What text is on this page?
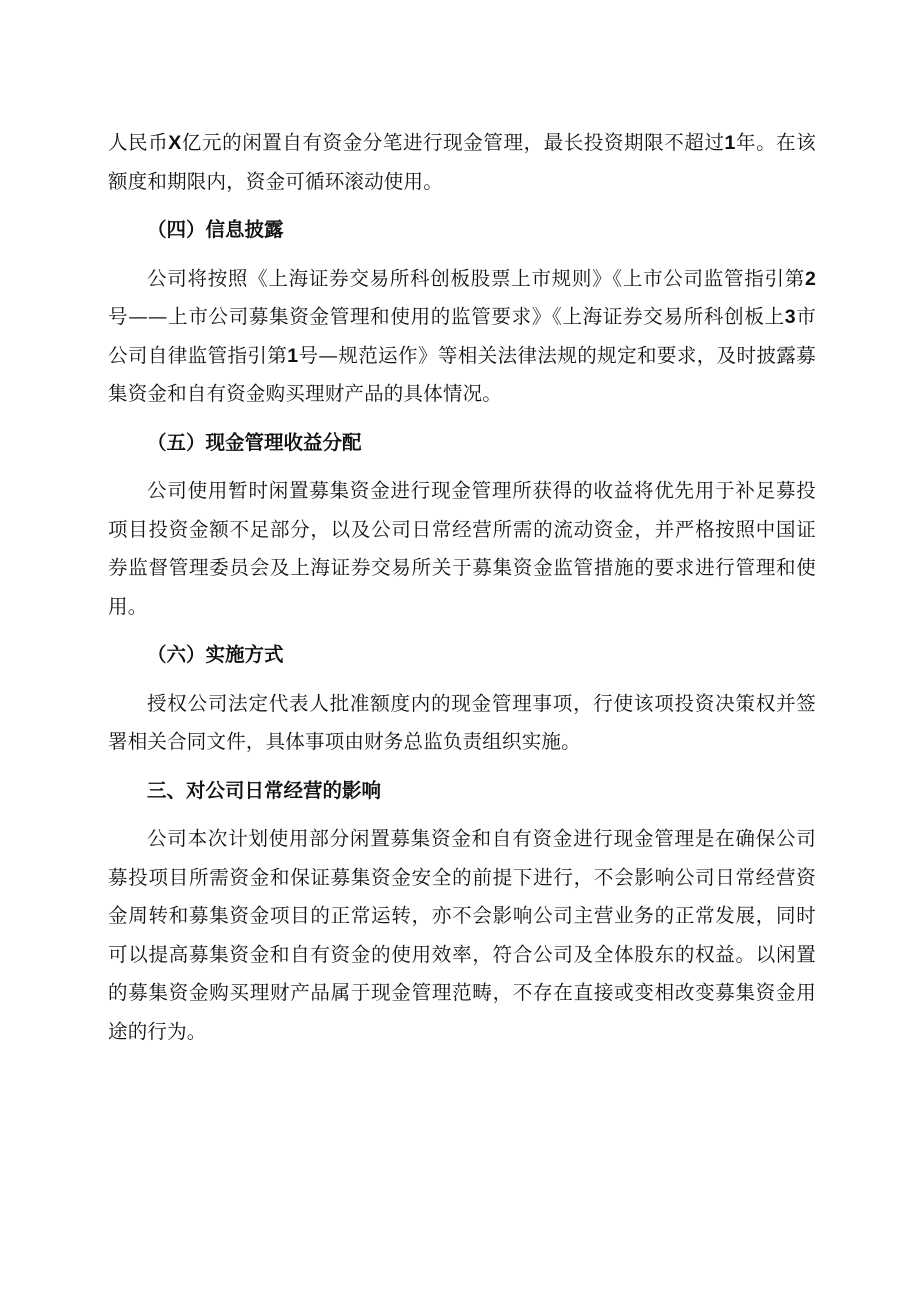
人民币X亿元的闲置自有资金分笔进行现金管理，最长投资期限不超过1年。在该额度和期限内，资金可循环滚动使用。

（四）信息披露

公司将按照《上海证券交易所科创板股票上市规则》《上市公司监管指引第2号——上市公司募集资金管理和使用的监管要求》《上海证券交易所科创板上3市公司自律监管指引第1号—规范运作》等相关法律法规的规定和要求，及时披露募集资金和自有资金购买理财产品的具体情况。

（五）现金管理收益分配

公司使用暂时闲置募集资金进行现金管理所获得的收益将优先用于补足募投项目投资金额不足部分，以及公司日常经营所需的流动资金，并严格按照中国证券监督管理委员会及上海证券交易所关于募集资金监管措施的要求进行管理和使用。

（六）实施方式

授权公司法定代表人批准额度内的现金管理事项，行使该项投资决策权并签署相关合同文件，具体事项由财务总监负责组织实施。

三、对公司日常经营的影响

公司本次计划使用部分闲置募集资金和自有资金进行现金管理是在确保公司募投项目所需资金和保证募集资金安全的前提下进行，不会影响公司日常经营资金周转和募集资金项目的正常运转，亦不会影响公司主营业务的正常发展，同时可以提高募集资金和自有资金的使用效率，符合公司及全体股东的权益。以闲置的募集资金购买理财产品属于现金管理范畴，不存在直接或变相改变募集资金用途的行为。
